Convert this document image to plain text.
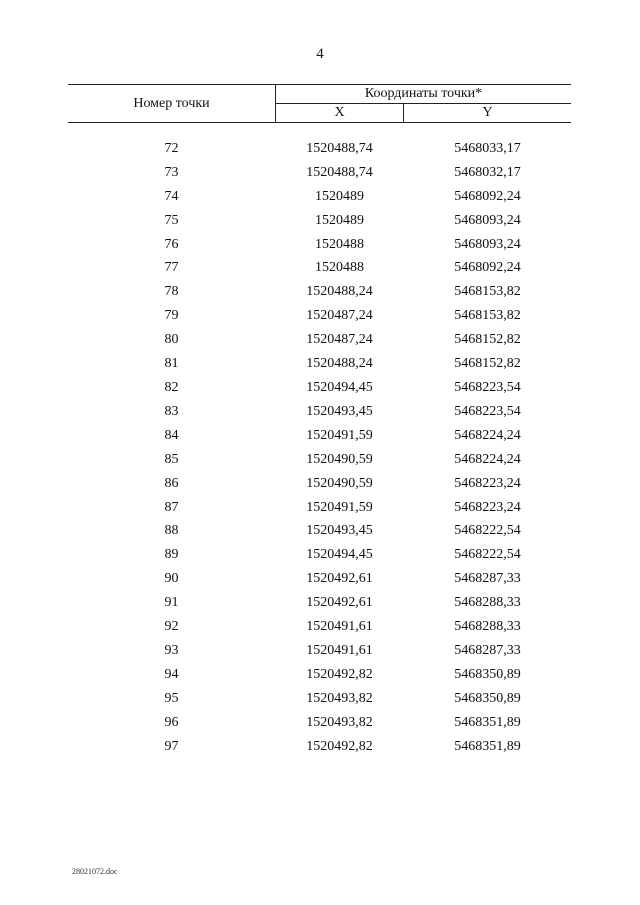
4
Номер точки
Координаты точки*
X	Y
72	1520488,74	5468033,17
73	1520488,74	5468032,17
74	1520489	5468092,24
75	1520489	5468093,24
76	1520488	5468093,24
77	1520488	5468092,24
78	1520488,24	5468153,82
79	1520487,24	5468153,82
80	1520487,24	5468152,82
81	1520488,24	5468152,82
82	1520494,45	5468223,54
83	1520493,45	5468223,54
84	1520491,59	5468224,24
85	1520490,59	5468224,24
86	1520490,59	5468223,24
87	1520491,59	5468223,24
88	1520493,45	5468222,54
89	1520494,45	5468222,54
90	1520492,61	5468287,33
91	1520492,61	5468288,33
92	1520491,61	5468288,33
93	1520491,61	5468287,33
94	1520492,82	5468350,89
95	1520493,82	5468350,89
96	1520493,82	5468351,89
97	1520492,82	5468351,89
28021072.doc
